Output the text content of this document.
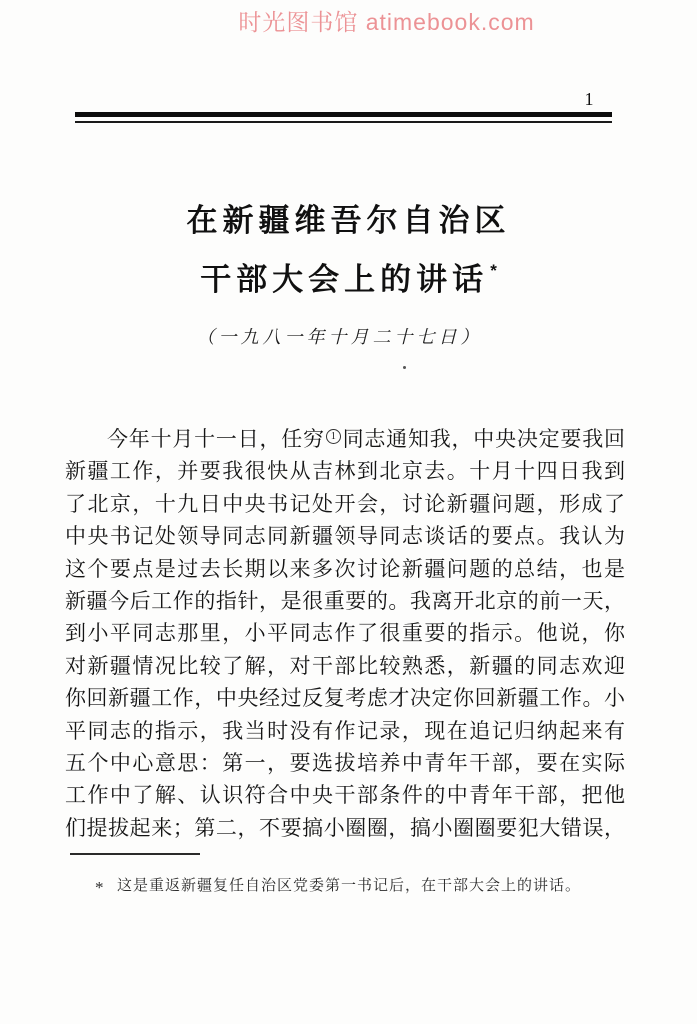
时光图书馆 atimebook.com
1
在新疆维吾尔自治区
干部大会上的讲话 *
（一九八一年十月二十七日）
今年十月十一日，任穷 1 同志通知我，中央决定要我回
新疆工作，并要我很快从吉林到北京去。十月十四日我到
了北京，十九日中央书记处开会，讨论新疆问题，形成了
中央书记处领导同志同新疆领导同志谈话的要点。我认为
这个要点是过去长期以来多次讨论新疆问题的总结，也是
新疆今后工作的指针，是很重要的。我离开北京的前一天，
到小平同志那里，小平同志作了很重要的指示。他说，你
对新疆情况比较了解，对干部比较熟悉，新疆的同志欢迎
你回新疆工作，中央经过反复考虑才决定你回新疆工作。小
平同志的指示，我当时没有作记录，现在追记归纳起来有
五个中心意思：第一，要选拔培养中青年干部，要在实际
工作中了解、认识符合中央干部条件的中青年干部，把他
们提拔起来；第二，不要搞小圈圈，搞小圈圈要犯大错误，
* 这是重返新疆复任自治区党委第一书记后，在干部大会上的讲话。
